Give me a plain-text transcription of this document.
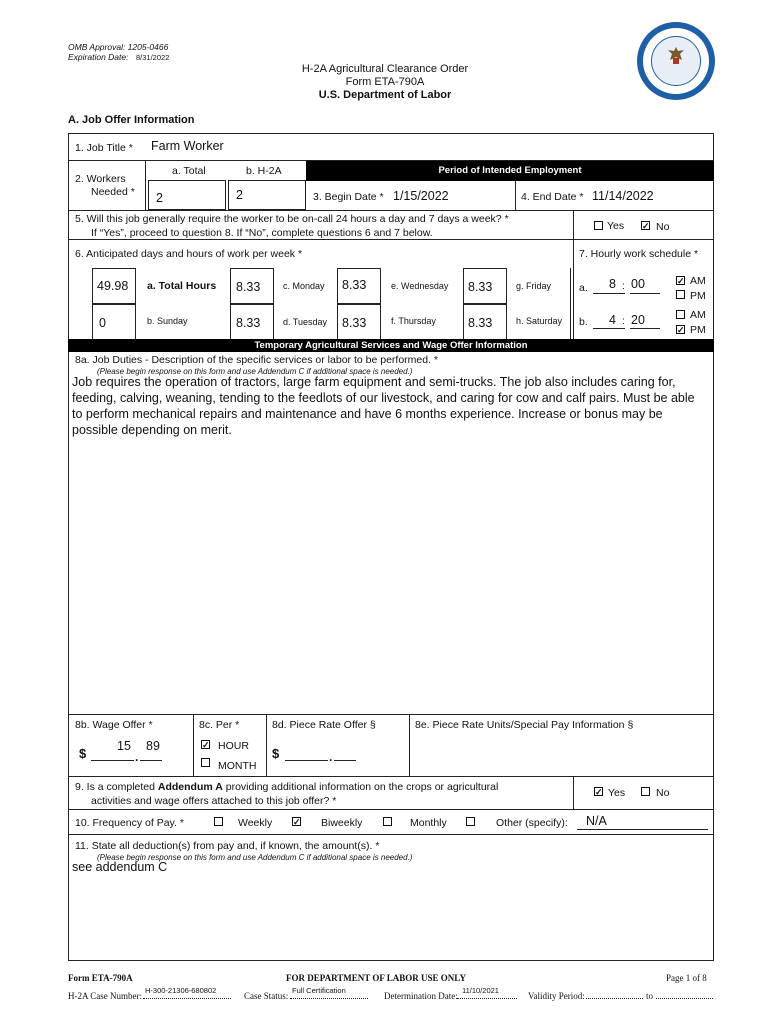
OMB Approval: 1205-0466
Expiration Date: 8/31/2022
H-2A Agricultural Clearance Order
Form ETA-790A
U.S. Department of Labor
A. Job Offer Information
1. Job Title * Farm Worker
2. Workers
Needed *
a. Total	b. H-2A
2	2
Period of Intended Employment
3. Begin Date * 1/15/2022	4. End Date * 11/14/2022
5. Will this job generally require the worker to be on-call 24 hours a day and 7 days a week? *
If “Yes”, proceed to question 8. If “No”, complete questions 6 and 7 below.
Yes ✓ No
6. Anticipated days and hours of work per week *	7. Hourly work schedule *
49.98 a. Total Hours 8.33	c. Monday 8.33	e. Wednesday 8.33	g. Friday
0	b. Sunday	8.33	d. Tuesday 8.33	f. Thursday	8.33	h. Saturday
a. 8 : 00	✓ AM
PM
b. 4 : 20	AM
✓ PM
Temporary Agricultural Services and Wage Offer Information
8a. Job Duties - Description of the specific services or labor to be performed. *
(Please begin response on this form and use Addendum C if additional space is needed.)
Job requires the operation of tractors, large farm equipment and semi-trucks. The job also includes caring for,
feeding, calving, weaning, tending to the feedlots of our livestock, and caring for cow and calf pairs. Must be able
to perform mechanical repairs and maintenance and have 6 months experience. Increase or bonus may be
possible depending on merit.
8b. Wage Offer *
$ 15 89
.
8c. Per *
✓ HOUR
MONTH
8d. Piece Rate Offer §
$	.
8e. Piece Rate Units/Special Pay Information §
9. Is a completed Addendum A providing additional information on the crops or agricultural
activities and wage offers attached to this job offer? *
✓ Yes	No
10. Frequency of Pay. *	Weekly ✓ Biweekly	Monthly	Other (specify): N/A
11. State all deduction(s) from pay and, if known, the amount(s). *
(Please begin response on this form and use Addendum C if additional space is needed.)
see addendum C
Form ETA-790A	FOR DEPARTMENT OF LABOR USE ONLY	Page 1 of 8
H-2A Case Number:
H-300-21306-680802
Case Status:
Full Certification
Determination Date:
11/10/2021
Validity Period:	to
